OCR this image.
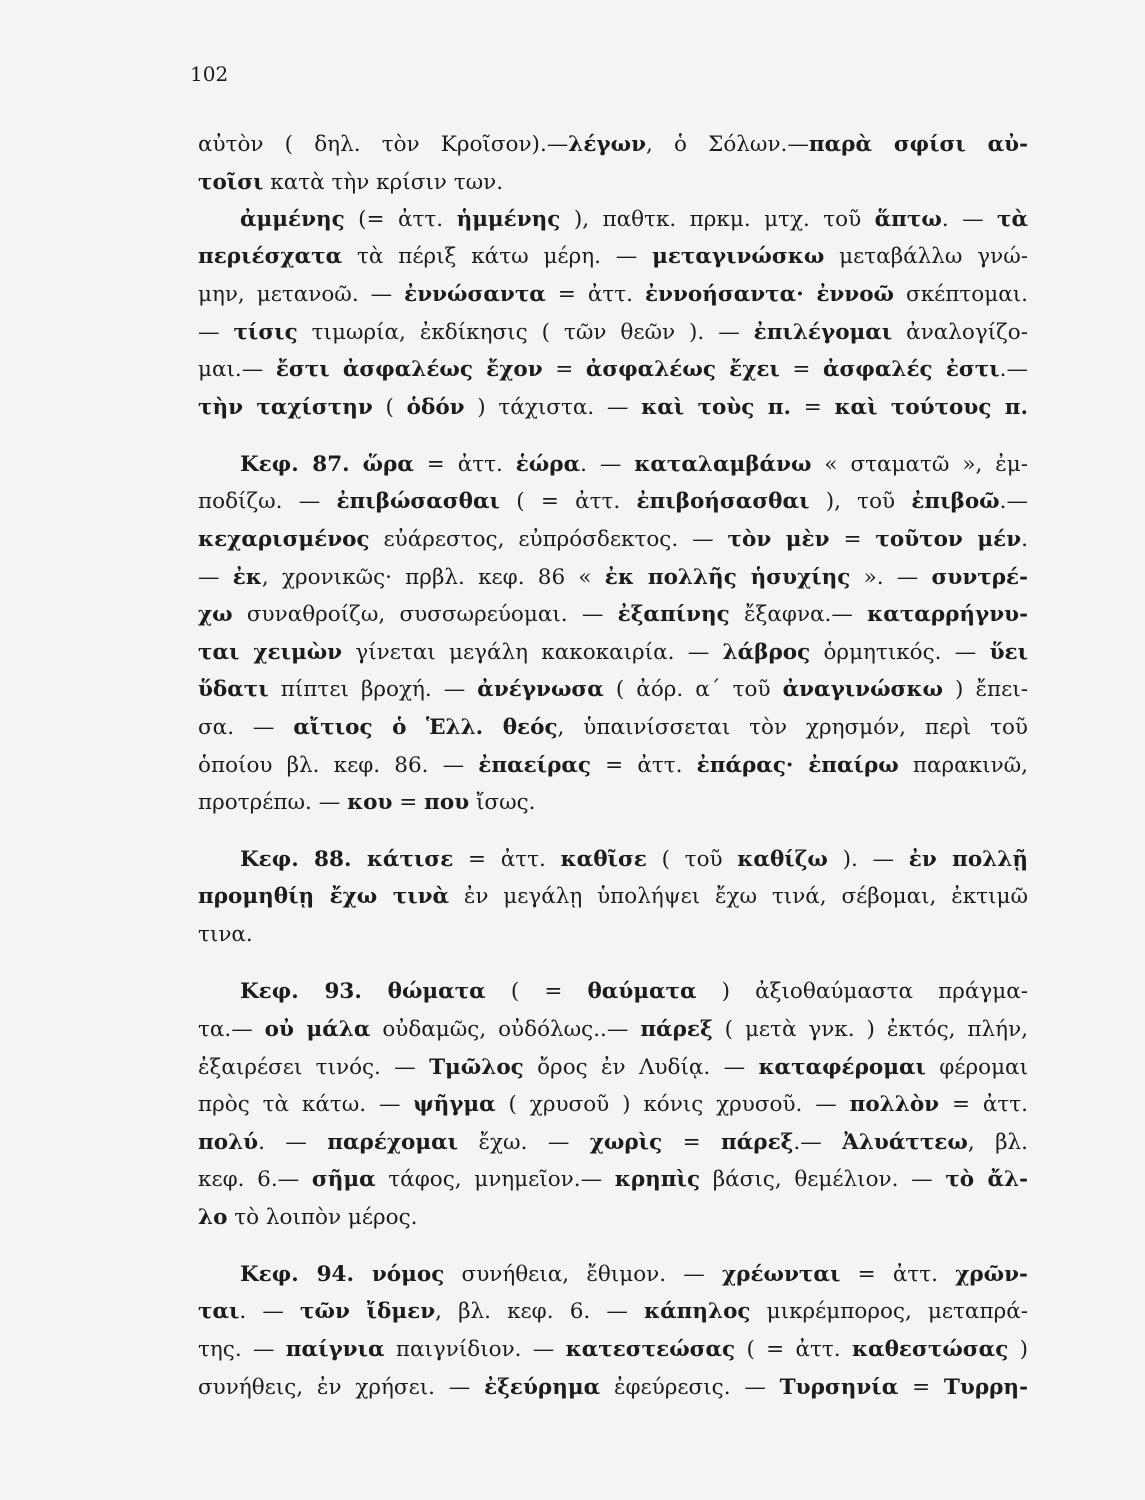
102
αὐτὸν ( δηλ. τὸν Κροῖσον).—λέγων, ὁ Σόλων.—παρὰ σφίσι αὐ-
τοῖσι κατὰ τὴν κρίσιν των.
ἀμμένης (= ἀττ. ἡμμένης ), παθτκ. πρκμ. μτχ. τοῦ ἅπτω. — τὰ
περιέσχατα τὰ πέριξ κάτω μέρη. — μεταγινώσκω μεταβάλλω γνώ-
μην, μετανοῶ. — ἐννώσαντα = ἀττ. ἐννοήσαντα· ἐννοῶ σκέπτομαι.
— τίσις τιμωρία, ἐκδίκησις ( τῶν θεῶν ). — ἐπιλέγομαι ἀναλογίζο-
μαι.— ἔστι ἀσφαλέως ἔχον = ἀσφαλέως ἔχει = ἀσφαλές ἐστι.—
τὴν ταχίστην ( ὁδόν ) τάχιστα. — καὶ τοὺς π. = καὶ τούτους π.
Κεφ. 87. ὥρα = ἀττ. ἑώρα. — καταλαμβάνω « σταματῶ », ἐμ-
ποδίζω. — ἐπιβώσασθαι ( = ἀττ. ἐπιβοήσασθαι ), τοῦ ἐπιβοῶ.—
κεχαρισμένος εὐάρεστος, εὐπρόσδεκτος. — τὸν μὲν = τοῦτον μέν.
— ἐκ, χρονικῶς· πρβλ. κεφ. 86 « ἐκ πολλῆς ἡσυχίης ». — συντρέ-
χω συναθροίζω, συσσωρεύομαι. — ἐξαπίνης ἔξαφνα.— καταρρήγνυ-
ται χειμὼν γίνεται μεγάλη κακοκαιρία. — λάβρος ὁρμητικός. — ὕει
ὕδατι πίπτει βροχή. — ἀνέγνωσα ( ἀόρ. α΄ τοῦ ἀναγινώσκω ) ἔπει-
σα. — αἴτιος ὁ Ἑλλ. θεός, ὑπαινίσσεται τὸν χρησμόν, περὶ τοῦ
ὁποίου βλ. κεφ. 86. — ἐπαείρας = ἀττ. ἐπάρας· ἐπαίρω παρακινῶ,
προτρέπω. — κου = που ἴσως.
Κεφ. 88. κάτισε = ἀττ. καθῖσε ( τοῦ καθίζω ). — ἐν πολλῇ
προμηθίῃ ἔχω τινὰ ἐν μεγάλῃ ὑπολήψει ἔχω τινά, σέβομαι, ἐκτιμῶ
τινα.
Κεφ. 93. θώματα ( = θαύματα ) ἀξιοθαύμαστα πράγμα-
τα.— οὐ μάλα οὐδαμῶς, οὐδόλως..— πάρεξ ( μετὰ γνκ. ) ἐκτός, πλήν,
ἐξαιρέσει τινός. — Τμῶλος ὄρος ἐν Λυδίᾳ. — καταφέρομαι φέρομαι
πρὸς τὰ κάτω. — ψῆγμα ( χρυσοῦ ) κόνις χρυσοῦ. — πολλὸν = ἀττ.
πολύ. — παρέχομαι ἔχω. — χωρὶς = πάρεξ.— Ἀλυάττεω, βλ.
κεφ. 6.— σῆμα τάφος, μνημεῖον.— κρηπὶς βάσις, θεμέλιον. — τὸ ἄλ-
λο τὸ λοιπὸν μέρος.
Κεφ. 94. νόμος συνήθεια, ἔθιμον. — χρέωνται = ἀττ. χρῶν-
ται. — τῶν ἴδμεν, βλ. κεφ. 6. — κάπηλος μικρέμπορος, μεταπρά-
της. — παίγνια παιγνίδιον. — κατεστεώσας ( = ἀττ. καθεστώσας )
συνήθεις, ἐν χρήσει. — ἐξεύρημα ἐφεύρεσις. — Τυρσηνία = Τυρρη-
